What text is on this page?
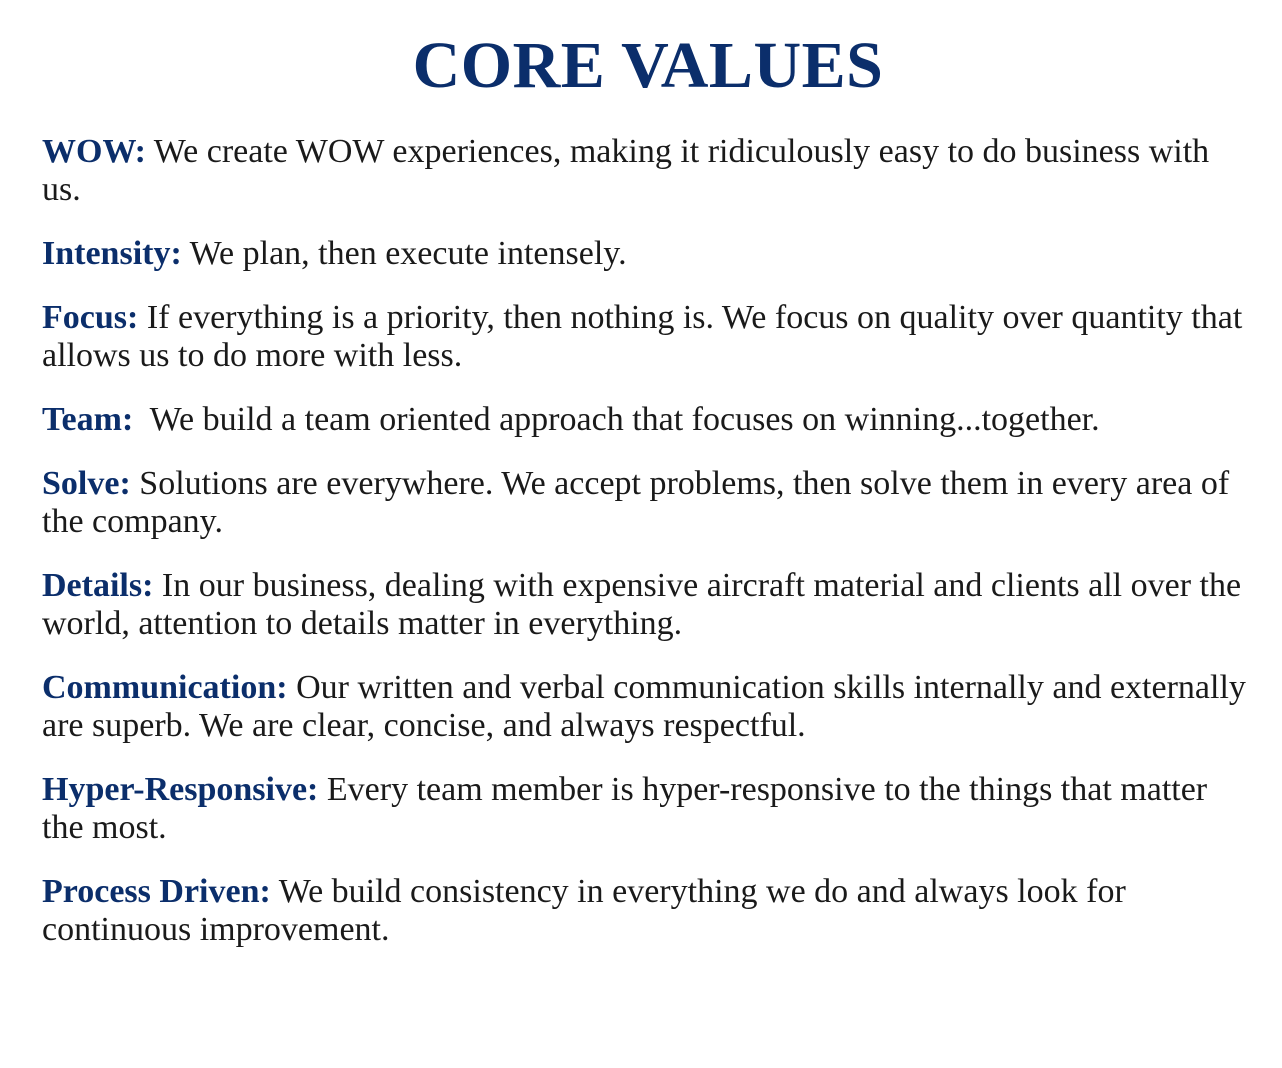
CORE VALUES
WOW: We create WOW experiences, making it ridiculously easy to do business with us.
Intensity: We plan, then execute intensely.
Focus: If everything is a priority, then nothing is. We focus on quality over quantity that allows us to do more with less.
Team:  We build a team oriented approach that focuses on winning...together.
Solve: Solutions are everywhere. We accept problems, then solve them in every area of the company.
Details: In our business, dealing with expensive aircraft material and clients all over the world, attention to details matter in everything.
Communication: Our written and verbal communication skills internally and externally are superb. We are clear, concise, and always respectful.
Hyper-Responsive: Every team member is hyper-responsive to the things that matter the most.
Process Driven: We build consistency in everything we do and always look for continuous improvement.
